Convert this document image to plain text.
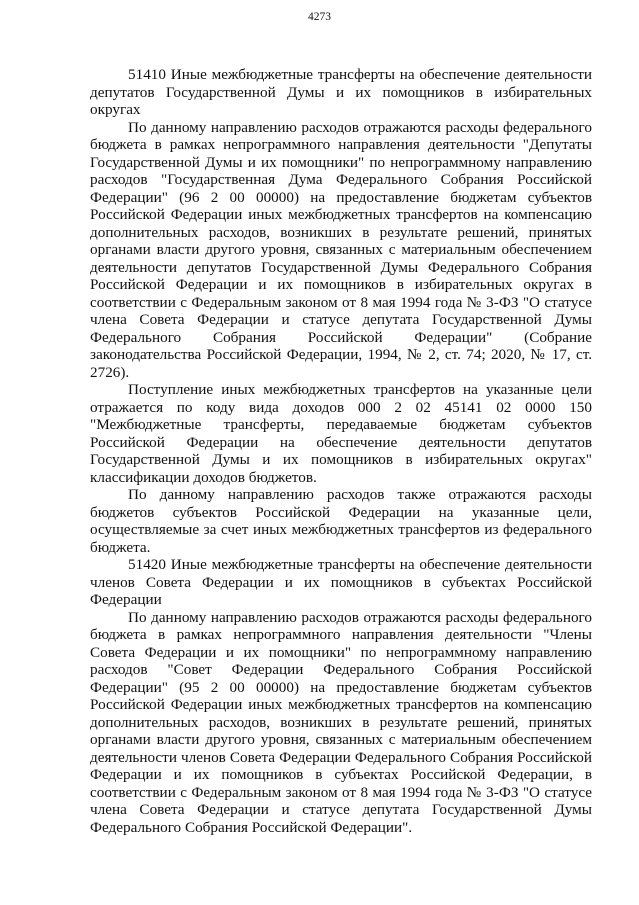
4273

51410 Иные межбюджетные трансферты на обеспечение деятельности депутатов Государственной Думы и их помощников в избирательных округах

По данному направлению расходов отражаются расходы федерального бюджета в рамках непрограммного направления деятельности "Депутаты Государственной Думы и их помощники" по непрограммному направлению расходов "Государственная Дума Федерального Собрания Российской Федерации" (96 2 00 00000) на предоставление бюджетам субъектов Российской Федерации иных межбюджетных трансфертов на компенсацию дополнительных расходов, возникших в результате решений, принятых органами власти другого уровня, связанных с материальным обеспечением деятельности депутатов Государственной Думы Федерального Собрания Российской Федерации и их помощников в избирательных округах в соответствии с Федеральным законом от 8 мая 1994 года № 3-ФЗ "О статусе члена Совета Федерации и статусе депутата Государственной Думы Федерального Собрания Российской Федерации" (Собрание законодательства Российской Федерации, 1994, № 2, ст. 74; 2020, № 17, ст. 2726).

Поступление иных межбюджетных трансфертов на указанные цели отражается по коду вида доходов 000 2 02 45141 02 0000 150 "Межбюджетные трансферты, передаваемые бюджетам субъектов Российской Федерации на обеспечение деятельности депутатов Государственной Думы и их помощников в избирательных округах" классификации доходов бюджетов.

По данному направлению расходов также отражаются расходы бюджетов субъектов Российской Федерации на указанные цели, осуществляемые за счет иных межбюджетных трансфертов из федерального бюджета.

51420 Иные межбюджетные трансферты на обеспечение деятельности членов Совета Федерации и их помощников в субъектах Российской Федерации

По данному направлению расходов отражаются расходы федерального бюджета в рамках непрограммного направления деятельности "Члены Совета Федерации и их помощники" по непрограммному направлению расходов "Совет Федерации Федерального Собрания Российской Федерации" (95 2 00 00000) на предоставление бюджетам субъектов Российской Федерации иных межбюджетных трансфертов на компенсацию дополнительных расходов, возникших в результате решений, принятых органами власти другого уровня, связанных с материальным обеспечением деятельности членов Совета Федерации Федерального Собрания Российской Федерации и их помощников в субъектах Российской Федерации, в соответствии с Федеральным законом от 8 мая 1994 года № 3-ФЗ "О статусе члена Совета Федерации и статусе депутата Государственной Думы Федерального Собрания Российской Федерации".
